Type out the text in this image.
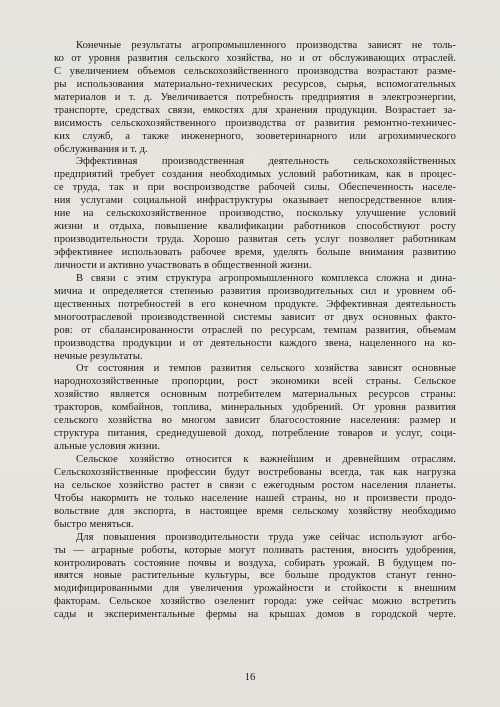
Конечные результаты агропромышленного производства зависят не толь-
ко от уровня развития сельского хозяйства, но и от обслуживающих отраслей.
С увеличением объемов сельскохозяйственного производства возрастают разме-
ры использования материально-технических ресурсов, сырья, вспомогательных
материалов и т. д. Увеличивается потребность предприятия в электроэнергии,
транспорте, средствах связи, емкостях для хранения продукции. Возрастает за-
висимость сельскохозяйственного производства от развития ремонтно-техничес-
ких служб, а также инженерного, зооветеринарного или агрохимического
обслуживания и т. д.
Эффективная производственная деятельность сельскохозяйственных
предприятий требует создания необходимых условий работникам, как в процес-
се труда, так и при воспроизводстве рабочей силы. Обеспеченность населе-
ния услугами социальной инфраструктуры оказывает непосредственное влия-
ние на сельскохозяйственное производство, поскольку улучшение условий
жизни и отдыха, повышение квалификации работников способствуют росту
производительности труда. Хорошо развитая сеть услуг позволяет работникам
эффективнее использовать рабочее время, уделять больше внимания развитию
личности и активно участвовать в общественной жизни.
В связи с этим структура агропромышленного комплекса сложна и дина-
мична и определяется степенью развития производительных сил и уровнем об-
щественных потребностей в его конечном продукте. Эффективная деятельность
многоотраслевой производственной системы зависит от двух основных факто-
ров: от сбалансированности отраслей по ресурсам, темпам развития, объемам
производства продукции и от деятельности каждого звена, нацеленного на ко-
нечные результаты.
От состояния и темпов развития сельского хозяйства зависят основные
народнохозяйственные пропорции, рост экономики всей страны. Сельское
хозяйство является основным потребителем материальных ресурсов страны:
тракторов, комбайнов, топлива, минеральных удобрений. От уровня развития
сельского хозяйства во многом зависит благосостояние населения: размер и
структура питания, среднедушевой доход, потребление товаров и услуг, соци-
альные условия жизни.
Сельское хозяйство относится к важнейшим и древнейшим отраслям.
Сельскохозяйственные профессии будут востребованы всегда, так как нагрузка
на сельское хозяйство растет в связи с ежегодным ростом населения планеты.
Чтобы накормить не только население нашей страны, но и произвести продо-
вольствие для экспорта, в настоящее время сельскому хозяйству необходимо
быстро меняться.
Для повышения производительности труда уже сейчас используют агбо-
ты — аграрные роботы, которые могут поливать растения, вносить удобрения,
контролировать состояние почвы и воздуха, собирать урожай. В будущем по-
явятся новые растительные культуры, все больше продуктов станут генно-
модифицированными для увеличения урожайности и стойкости к внешним
факторам. Сельское хозяйство озеленит города: уже сейчас можно встретить
сады и экспериментальные фермы на крышах домов в городской черте.
16
